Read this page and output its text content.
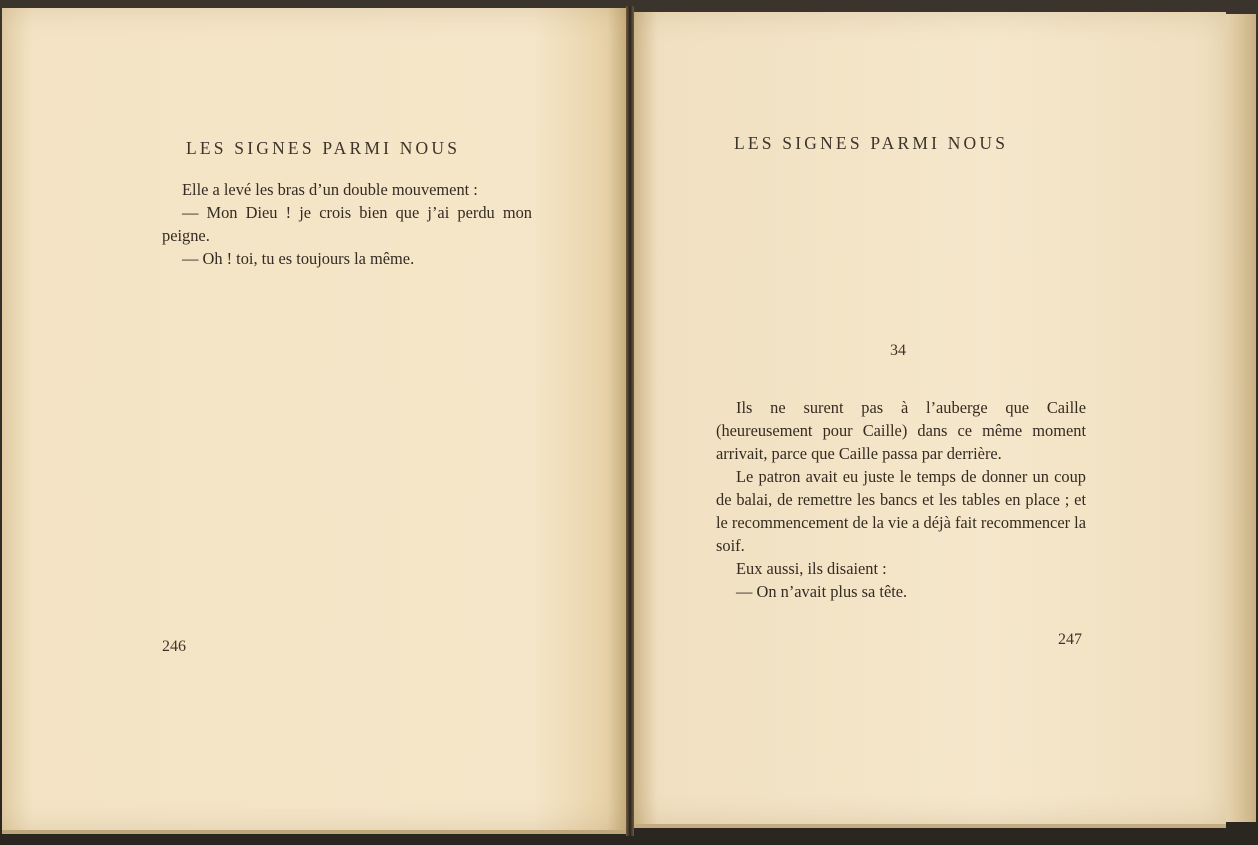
LES SIGNES PARMI NOUS

Elle a levé les bras d’un double mouvement :

— Mon Dieu ! je crois bien que j’ai perdu mon peigne.

— Oh ! toi, tu es toujours la même.

246
LES SIGNES PARMI NOUS
34

Ils ne surent pas à l’auberge que Caille (heureusement pour Caille) dans ce même moment arrivait, parce que Caille passa par derrière.

Le patron avait eu juste le temps de donner un coup de balai, de remettre les bancs et les tables en place ; et le recommencement de la vie a déjà fait recommencer la soif.

Eux aussi, ils disaient :

— On n’avait plus sa tête.

247
